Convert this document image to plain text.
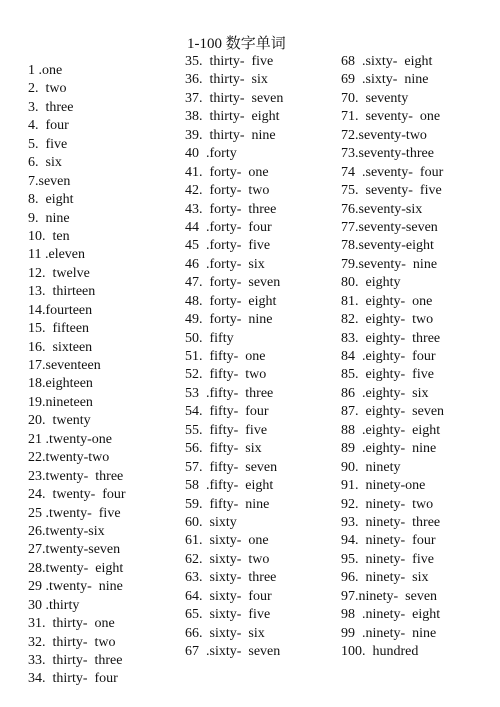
1-100 数字单词
1 .one
2.  two
3.  three
4.  four
5.  five
6.  six
7.seven
8.  eight
9.  nine
10.  ten
11 .eleven
12.  twelve
13.  thirteen
14.fourteen
15.  fifteen
16.  sixteen
17.seventeen
18.eighteen
19.nineteen
20.  twenty
21 .twenty-one
22.twenty-two
23.twenty-  three
24.  twenty-  four
25 .twenty-  five
26.twenty-six
27.twenty-seven
28.twenty-  eight
29 .twenty-  nine
30 .thirty
31.  thirty-  one
32.  thirty-  two
33.  thirty-  three
34.  thirty-  four
35.  thirty-  five
36.  thirty-  six
37.  thirty-  seven
38.  thirty-  eight
39.  thirty-  nine
40  .forty
41.  forty-  one
42.  forty-  two
43.  forty-  three
44  .forty-  four
45  .forty-  five
46  .forty-  six
47.  forty-  seven
48.  forty-  eight
49.  forty-  nine
50.  fifty
51.  fifty-  one
52.  fifty-  two
53  .fifty-  three
54.  fifty-  four
55.  fifty-  five
56.  fifty-  six
57.  fifty-  seven
58  .fifty-  eight
59.  fifty-  nine
60.  sixty
61.  sixty-  one
62.  sixty-  two
63.  sixty-  three
64.  sixty-  four
65.  sixty-  five
66.  sixty-  six
67  .sixty-  seven
68  .sixty-  eight
69  .sixty-  nine
70.  seventy
71.  seventy-  one
72.seventy-two
73.seventy-three
74  .seventy-  four
75.  seventy-  five
76.seventy-six
77.seventy-seven
78.seventy-eight
79.seventy-  nine
80.  eighty
81.  eighty-  one
82.  eighty-  two
83.  eighty-  three
84  .eighty-  four
85.  eighty-  five
86  .eighty-  six
87.  eighty-  seven
88  .eighty-  eight
89  .eighty-  nine
90.  ninety
91.  ninety-one
92.  ninety-  two
93.  ninety-  three
94.  ninety-  four
95.  ninety-  five
96.  ninety-  six
97.ninety-  seven
98  .ninety-  eight
99  .ninety-  nine
100.  hundred
